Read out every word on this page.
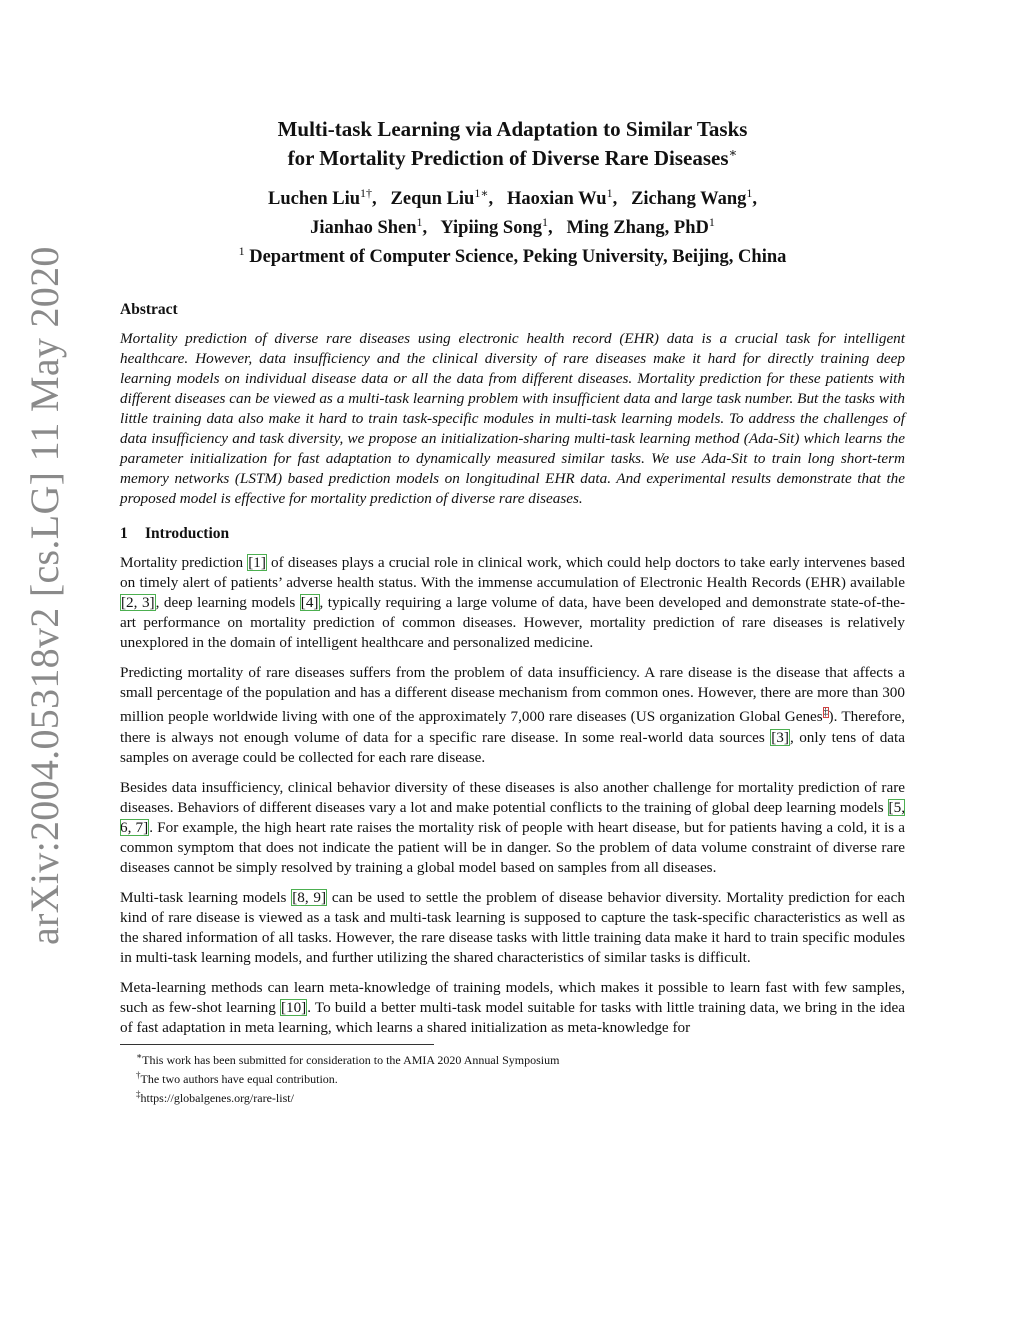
arXiv:2004.05318v2 [cs.LG] 11 May 2020
Multi-task Learning via Adaptation to Similar Tasks
for Mortality Prediction of Diverse Rare Diseases∗
Luchen Liu$^{1\dagger}$,   Zequn Liu$^{1∗}$,   Haoxian Wu$^1$,   Zichang Wang$^1$,
Jianhao Shen$^1$,   Yipiing Song$^1$,   Ming Zhang, PhD$^1$
$^1$ Department of Computer Science, Peking University, Beijing, China
Abstract
Mortality prediction of diverse rare diseases using electronic health record (EHR) data is a crucial task for intelligent healthcare. However, data insufficiency and the clinical diversity of rare diseases make it hard for directly training deep learning models on individual disease data or all the data from different diseases. Mortality prediction for these patients with different diseases can be viewed as a multi-task learning problem with insufficient data and large task number. But the tasks with little training data also make it hard to train task-specific modules in multi-task learning models. To address the challenges of data insufficiency and task diversity, we propose an initialization-sharing multi-task learning method (Ada-Sit) which learns the parameter initialization for fast adaptation to dynamically measured similar tasks. We use Ada-Sit to train long short-term memory networks (LSTM) based prediction models on longitudinal EHR data. And experimental results demonstrate that the proposed model is effective for mortality prediction of diverse rare diseases.
1 Introduction

Mortality prediction [1] of diseases plays a crucial role in clinical work, which could help doctors to take early intervenes based on timely alert of patients’ adverse health status. With the immense accumulation of Electronic Health Records (EHR) available [2, 3], deep learning models [4], typically requiring a large volume of data, have been developed and demonstrate state-of-the-art performance on mortality prediction of common diseases. However, mortality prediction of rare diseases is relatively unexplored in the domain of intelligent healthcare and personalized medicine.

Predicting mortality of rare diseases suffers from the problem of data insufficiency. A rare disease is the disease that affects a small percentage of the population and has a different disease mechanism from common ones. However, there are more than 300 million people worldwide living with one of the approximately 7,000 rare diseases (US organization Global Genes‡). Therefore, there is always not enough volume of data for a specific rare disease. In some real-world data sources [3], only tens of data samples on average could be collected for each rare disease.

Besides data insufficiency, clinical behavior diversity of these diseases is also another challenge for mortality prediction of rare diseases. Behaviors of different diseases vary a lot and make potential conflicts to the training of global deep learning models [5, 6, 7]. For example, the high heart rate raises the mortality risk of people with heart disease, but for patients having a cold, it is a common symptom that does not indicate the patient will be in danger. So the problem of data volume constraint of diverse rare diseases cannot be simply resolved by training a global model based on samples from all diseases.

Multi-task learning models [8, 9] can be used to settle the problem of disease behavior diversity. Mortality prediction for each kind of rare disease is viewed as a task and multi-task learning is supposed to capture the task-specific characteristics as well as the shared information of all tasks. However, the rare disease tasks with little training data make it hard to train specific modules in multi-task learning models, and further utilizing the shared characteristics of similar tasks is difficult.

Meta-learning methods can learn meta-knowledge of training models, which makes it possible to learn fast with few samples, such as few-shot learning [10]. To build a better multi-task model suitable for tasks with little training data, we bring in the idea of fast adaptation in meta learning, which learns a shared initialization as meta-knowledge for

∗This work has been submitted for consideration to the AMIA 2020 Annual Symposium
†The two authors have equal contribution.
‡https://globalgenes.org/rare-list/
